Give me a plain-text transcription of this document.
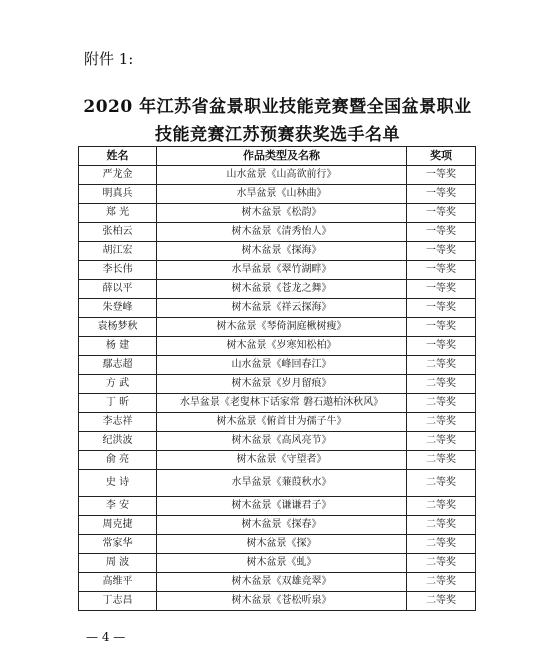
附件 1:
2020 年江苏省盆景职业技能竞赛暨全国盆景职业
技能竞赛江苏预赛获奖选手名单
姓名	作品类型及名称	奖项
严龙金	山水盆景《山高欲前行》	一等奖
明真兵	水旱盆景《山林曲》	一等奖
郑 光	树木盆景《松韵》	一等奖
张柏云	树木盆景《清秀怡人》	一等奖
胡江宏	树木盆景《探海》	一等奖
李长伟	水旱盆景《翠竹湖畔》	一等奖
薛以平	树木盆景《苍龙之舞》	一等奖
朱登峰	树木盆景《祥云探海》	一等奖
袁杨梦秋	树木盆景《琴倚洞庭楸树瘦》	一等奖
杨 建	树木盆景《岁寒知松柏》	一等奖
鄢志超	山水盆景《峰回春江》	二等奖
方 武	树木盆景《岁月留痕》	二等奖
丁 昕	水旱盆景《老叟林下话家常 磐石遨柏沐秋风》	二等奖
李志祥	树木盆景《俯首甘为孺子牛》	二等奖
纪洪波	树木盆景《高风亮节》	二等奖
俞 亮	树木盆景《守望者》	二等奖
史 诗	水旱盆景《蒹葭秋水》	二等奖
李 安	树木盆景《谦谦君子》	二等奖
周克捷	树木盆景《探春》	二等奖
常家华	树木盆景《探》	二等奖
周 波	树木盆景《虬》	二等奖
高维平	树木盆景《双雄竞翠》	二等奖
丁志昌	树木盆景《苍松听泉》	二等奖
— 4 —
